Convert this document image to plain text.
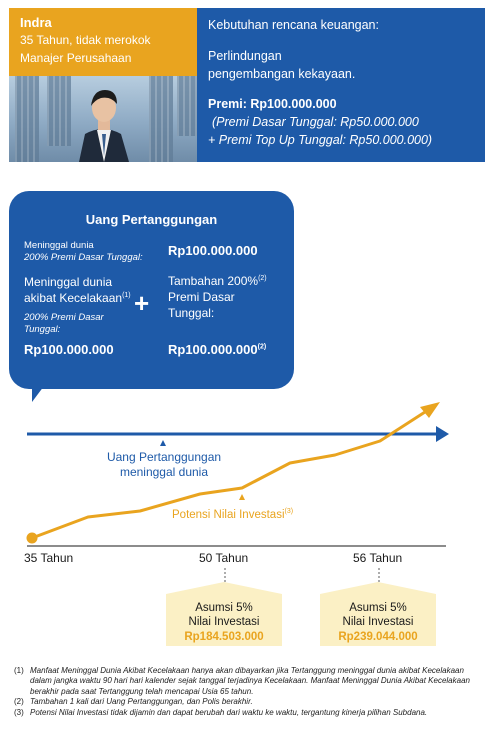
Indra
35 Tahun, tidak merokok
Manajer Perusahaan
Kebutuhan rencana keuangan:
Perlindungan
pengembangan kekayaan.
Premi: Rp100.000.000
(Premi Dasar Tunggal: Rp50.000.000
+ Premi Top Up Tunggal: Rp50.000.000)
Uang Pertanggungan
Meninggal dunia
200% Premi Dasar Tunggal: Rp100.000.000
Meninggal dunia
akibat Kecelakaan$^{(1)}$
200% Premi Dasar
Tunggal:
Rp100.000.000
+
Tambahan 200%$^{(2)}$
Premi Dasar
Tunggal:
Rp100.000.000$^{(2)}$
Uang Pertanggungan
meninggal dunia
Potensi Nilai Investasi$^{(3)}$
35 Tahun	50 Tahun	56 Tahun
Asumsi 5%
Nilai Investasi
Rp184.503.000
Asumsi 5%
Nilai Investasi
Rp239.044.000
(1) Manfaat Meninggal Dunia Akibat Kecelakaan hanya akan dibayarkan jika Tertanggung meninggal dunia akibat Kecelakaan dalam jangka waktu 90 hari hari kalender sejak tanggal terjadinya Kecelakaan. Manfaat Meninggal Dunia Akibat Kecelakaan berakhir pada saat Tertanggung telah mencapai Usia 65 tahun.
(2) Tambahan 1 kali dari Uang Pertanggungan, dan Polis berakhir.
(3) Potensi Nilai Investasi tidak dijamin dan dapat berubah dari waktu ke waktu, tergantung kinerja pilihan Subdana.
